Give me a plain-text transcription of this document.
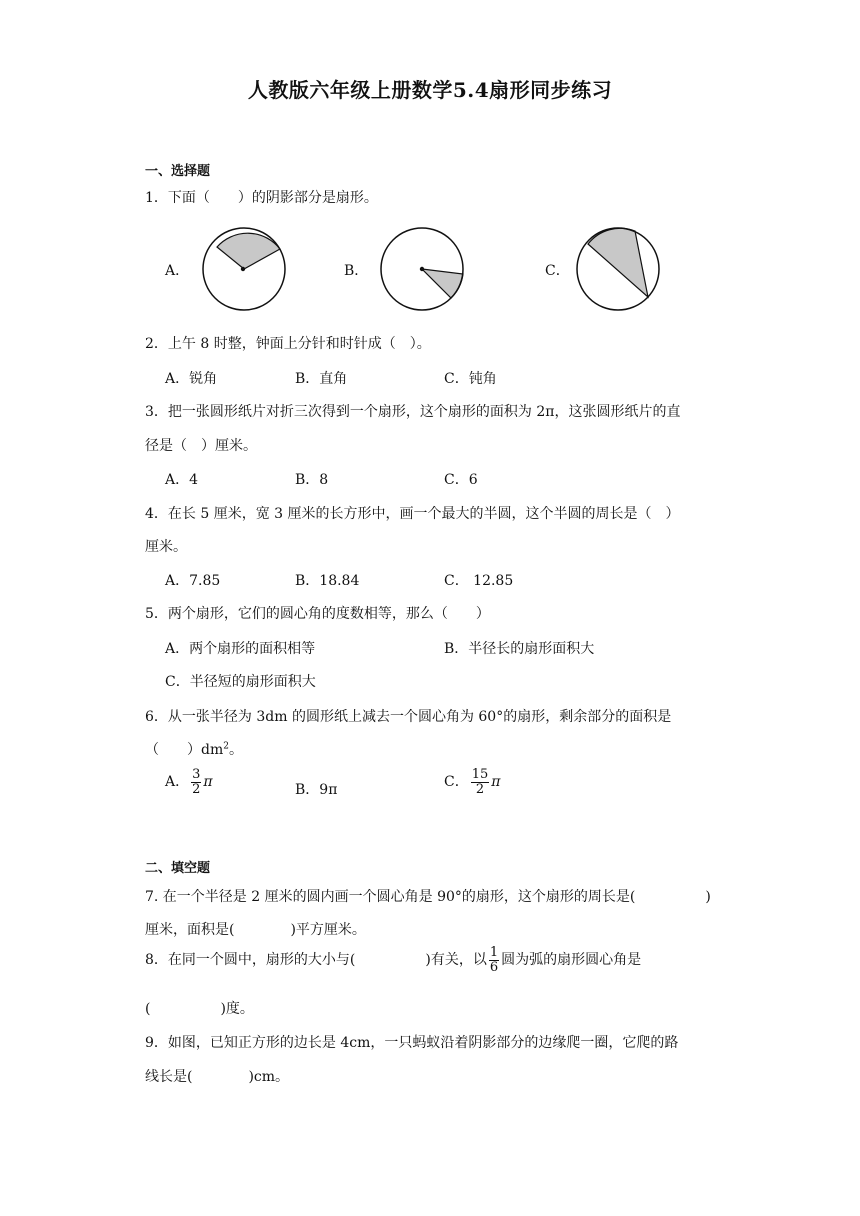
人教版六年级上册数学5.4扇形同步练习
一、选择题
1．下面（　　）的阴影部分是扇形。
A．	B．	C．
2．上午 8 时整，钟面上分针和时针成（　）。
A．锐角	B．直角	C．钝角
3．把一张圆形纸片对折三次得到一个扇形，这个扇形的面积为 2π，这张圆形纸片的直
径是（　）厘米。
A．4	B．8	C．6
4．在长 5 厘米，宽 3 厘米的长方形中，画一个最大的半圆，这个半圆的周长是（　）
厘米。
A．7.85	B．18.84	C． 12.85
5．两个扇形，它们的圆心角的度数相等，那么（　　）
A．两个扇形的面积相等	B．半径长的扇形面积大
C．半径短的扇形面积大
6．从一张半径为 3dm 的圆形纸上减去一个圆心角为 60°的扇形，剩余部分的面积是
（　　）$dm^2$。
A． $\frac{3}{2}$ π	B．9π	C． $\frac{15}{2}$ π
二、填空题
7. 在一个半径是 2 厘米的圆内画一个圆心角是 90°的扇形，这个扇形的周长是(　　　　　)
厘米，面积是(　　　　)平方厘米。
8．在同一个圆中，扇形的大小与(　　　　　)有关，以 $\frac{1}{6}$ 圆为弧的扇形圆心角是
(　　　　　)度。
9．如图，已知正方形的边长是 4cm，一只蚂蚁沿着阴影部分的边缘爬一圈，它爬的路
线长是(　　　　)cm。
